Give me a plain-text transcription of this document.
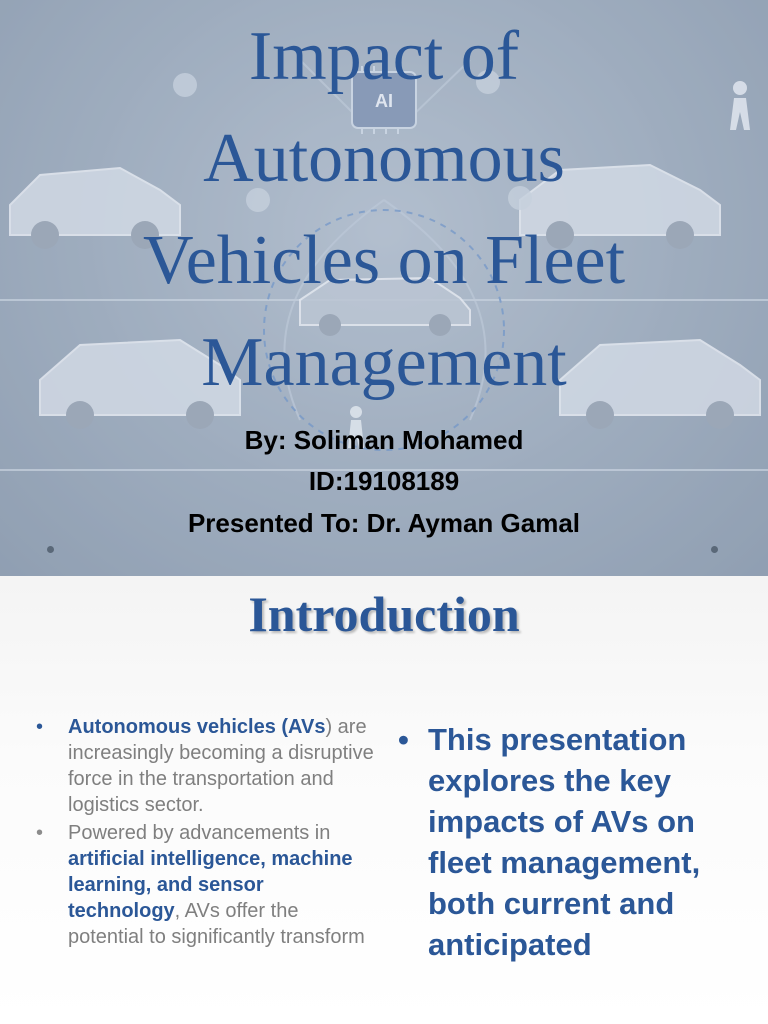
AI
Impact of
Autonomous
Vehicles on Fleet
Management
By: Soliman Mohamed
ID:19108189
Presented To: Dr. Ayman Gamal
Introduction
• Autonomous vehicles (AVs) are increasingly becoming a disruptive force in the transportation and logistics sector.
• Powered by advancements in artificial intelligence, machine learning, and sensor technology, AVs offer the potential to significantly transform
• This presentation explores the key impacts of AVs on fleet management, both current and anticipated
